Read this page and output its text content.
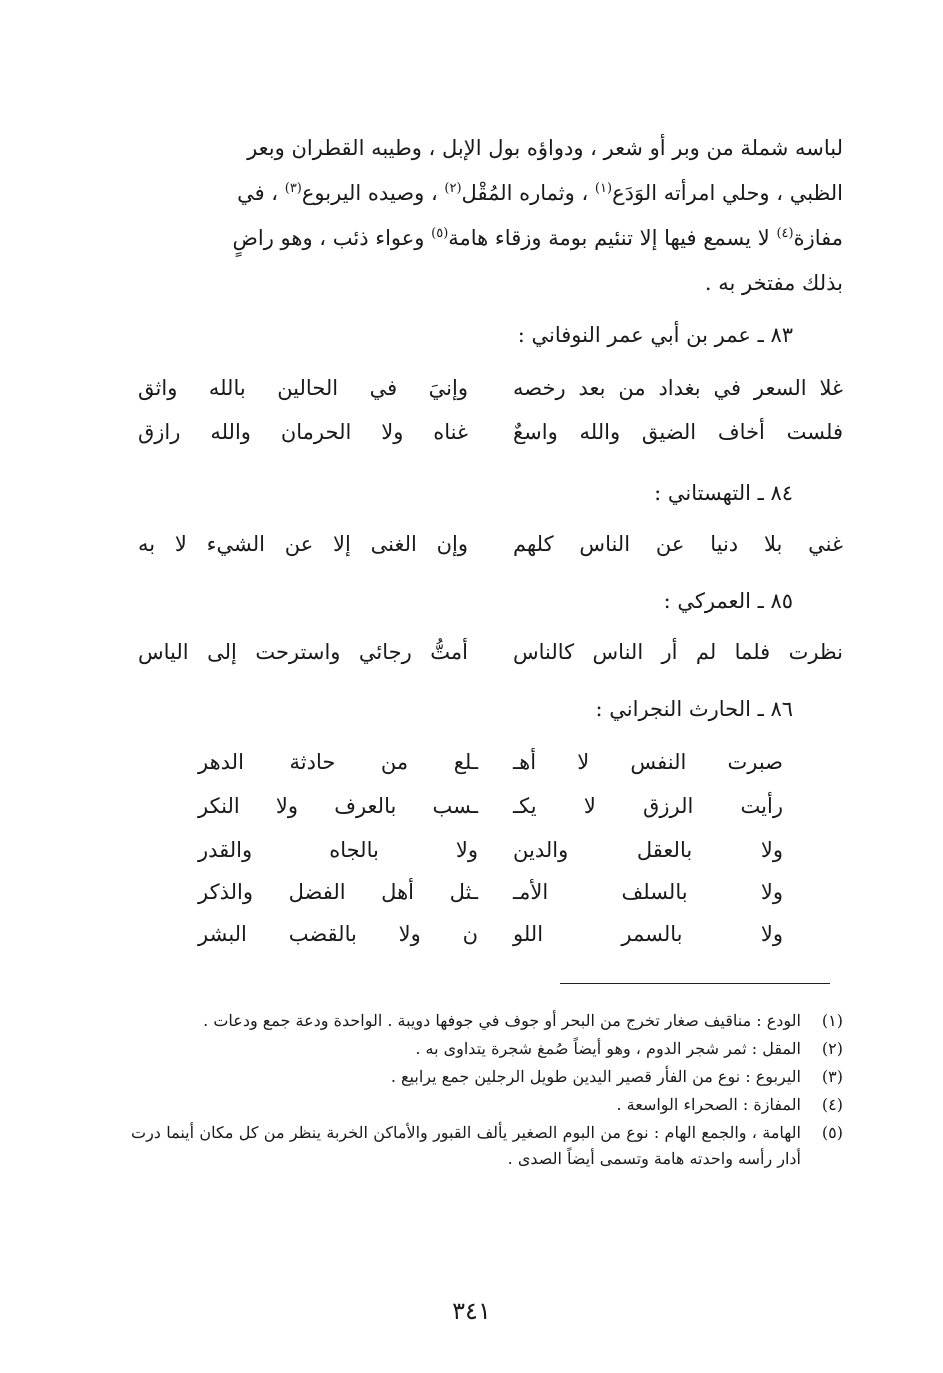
لباسه شملة من وبر أو شعر ، ودواؤه بول الإبل ، وطيبه القطران وبعر

الظبي ، وحلي امرأته الوَدَع$^{(١)}$ ، وثماره المُقْل$^{(٢)}$ ، وصيده اليربوع$^{(٣)}$ ، في

مفازة$^{(٤)}$ لا يسمع فيها إلا تنئيم بومة وزقاء هامة$^{(٥)}$ وعواء ذئب ، وهو راضٍ

بذلك مفتخر به .

٨٣ ـ عمر بن أبي عمر النوفاني :
غلا السعر في بغداد من بعد رخصه
وإنيَ في الحالين بالله واثق
فلست أخاف الضيق والله واسعٌ
غناه ولا الحرمان والله رازق
٨٤ ـ التهستاني :
غني بلا دنيا عن الناس كلهم
وإن الغنى إلا عن الشيء لا به
٨٥ ـ العمركي :
نظرت فلما لم أر الناس كالناس
أمتُّ رجائي واسترحت إلى الياس
٨٦ ـ الحارث النجراني :
صبرت النفس لا أهـ
ـلع من حادثة الدهر
رأيت الرزق لا يكـ
ـسب بالعرف ولا النكر
ولا بالعقل والدين
ولا بالجاه والقدر
ولا بالسلف الأمـ
ـثل أهل الفضل والذكر
ولا بالسمر اللو
ن ولا بالقضب البشر
(١)
الودع : مناقيف صغار تخرج من البحر أو جوف في جوفها دويبة . الواحدة ودعة جمع ودعات .
(٢)
المقل : ثمر شجر الدوم ، وهو أيضاً صُمغ شجرة يتداوى به .
(٣)
اليربوع : نوع من الفأر قصير اليدين طويل الرجلين جمع يرابيع .
(٤)
المفازة : الصحراء الواسعة .
(٥)
الهامة ، والجمع الهام : نوع من البوم الصغير يألف القبور والأماكن الخربة ينظر من كل مكان أينما درت أدار رأسه واحدته هامة وتسمى أيضاً الصدى .
٣٤١
